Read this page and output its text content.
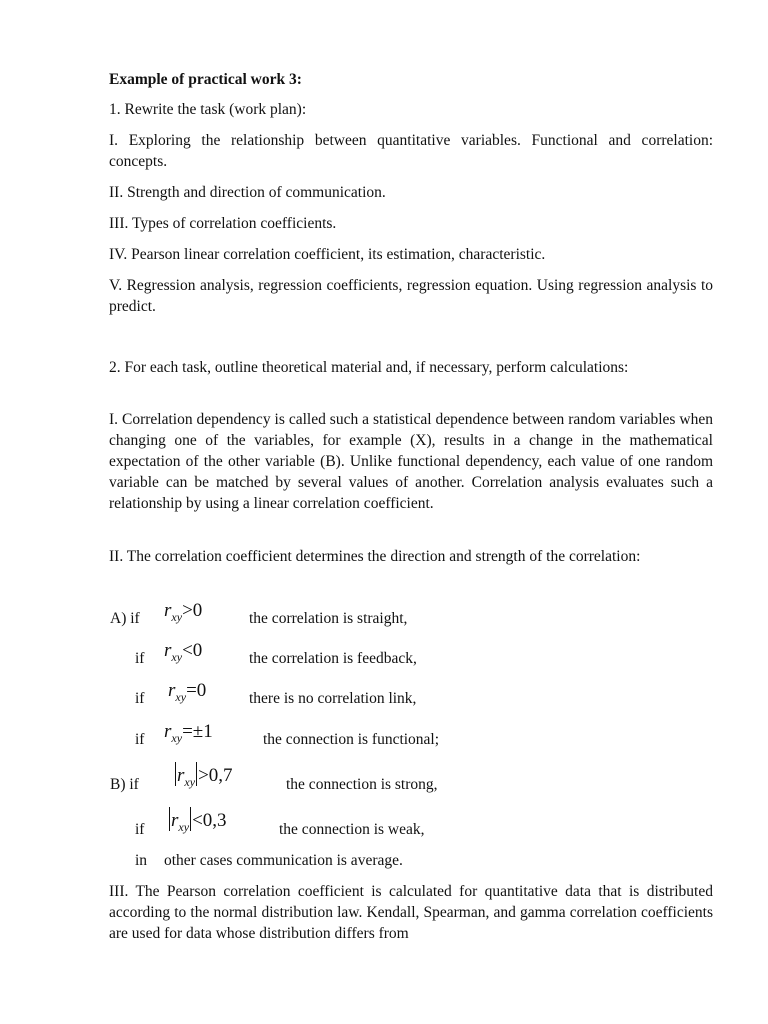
Example of practical work 3:
1. Rewrite the task (work plan):
I. Exploring the relationship between quantitative variables. Functional and correlation: concepts.
II. Strength and direction of communication.
III. Types of correlation coefficients.
IV. Pearson linear correlation coefficient, its estimation, characteristic.
V. Regression analysis, regression coefficients, regression equation. Using regression analysis to predict.
2. For each task, outline theoretical material and, if necessary, perform calculations:
I. Correlation dependency is called such a statistical dependence between random variables when changing one of the variables, for example (X), results in a change in the mathematical expectation of the other variable (B). Unlike functional dependency, each value of one random variable can be matched by several values of another. Correlation analysis evaluates such a relationship by using a linear correlation coefficient.
II. The correlation coefficient determines the direction and strength of the correlation:
A) if $r_{xy}>0$	the correlation is straight,
if $r_{xy}<0$	the correlation is feedback,
if $r_{xy}=0$	there is no correlation link,
if $r_{xy}=\pm 1$	the connection is functional;
B) if $r_{xy} >0,7$	the connection is strong,
if $r_{xy} <0,3$	the connection is weak,
in other cases communication is average.
III. The Pearson correlation coefficient is calculated for quantitative data that is distributed according to the normal distribution law. Kendall, Spearman, and gamma correlation coefficients are used for data whose distribution differs from
